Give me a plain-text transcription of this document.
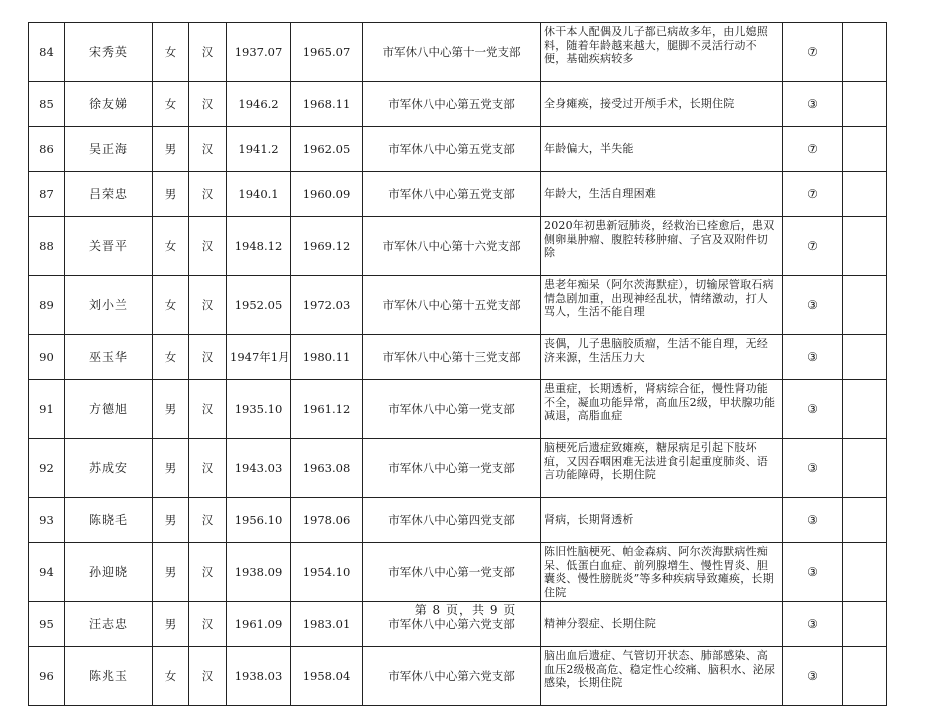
84	宋秀英	女	汉	1937.07	1965.07	市军休八中心第十一党支部	休干本人配偶及儿子都已病故多年，由儿媳照料，随着年龄越来越大，腿脚不灵活行动不便，基础疾病较多	⑦	
85	徐友娣	女	汉	1946.2	1968.11	市军休八中心第五党支部	全身瘫痪，接受过开颅手术，长期住院	③	
86	吴正海	男	汉	1941.2	1962.05	市军休八中心第五党支部	年龄偏大，半失能	⑦	
87	吕荣忠	男	汉	1940.1	1960.09	市军休八中心第五党支部	年龄大，生活自理困难	⑦	
88	关晋平	女	汉	1948.12	1969.12	市军休八中心第十六党支部	2020年初患新冠肺炎，经救治已痊愈后，患双侧卵巢肿瘤、腹腔转移肿瘤、子宫及双附件切除	⑦	
89	刘小兰	女	汉	1952.05	1972.03	市军休八中心第十五党支部	患老年痴呆（阿尔茨海默症），切输尿管取石病情急剧加重，出现神经乱状，情绪激动，打人骂人，生活不能自理	③	
90	巫玉华	女	汉	1947年1月	1980.11	市军休八中心第十三党支部	丧偶，儿子患脑胶质瘤，生活不能自理，无经济来源，生活压力大	③	
91	方德旭	男	汉	1935.10	1961.12	市军休八中心第一党支部	患重症，长期透析，肾病综合征，慢性肾功能不全，凝血功能异常，高血压2级，甲状腺功能减退，高脂血症	③	
92	苏成安	男	汉	1943.03	1963.08	市军休八中心第一党支部	脑梗死后遗症致瘫痪，糖尿病足引起下肢坏疽，又因吞咽困难无法进食引起重度肺炎、语言功能障碍，长期住院	③	
93	陈晓毛	男	汉	1956.10	1978.06	市军休八中心第四党支部	肾病，长期肾透析	③	
94	孙迎晓	男	汉	1938.09	1954.10	市军休八中心第一党支部	陈旧性脑梗死、帕金森病、阿尔茨海默病性痴呆、低蛋白血症、前列腺增生、慢性胃炎、胆囊炎、慢性膀胱炎”等多种疾病导致瘫痪，长期住院	③	
95	汪志忠	男	汉	1961.09	1983.01	市军休八中心第六党支部	精神分裂症、长期住院	③	
96	陈兆玉	女	汉	1938.03	1958.04	市军休八中心第六党支部	脑出血后遗症、气管切开状态、肺部感染、高血压2级极高危、稳定性心绞痛、脑积水、泌尿感染，长期住院	③	
第 8 页，共 9 页
